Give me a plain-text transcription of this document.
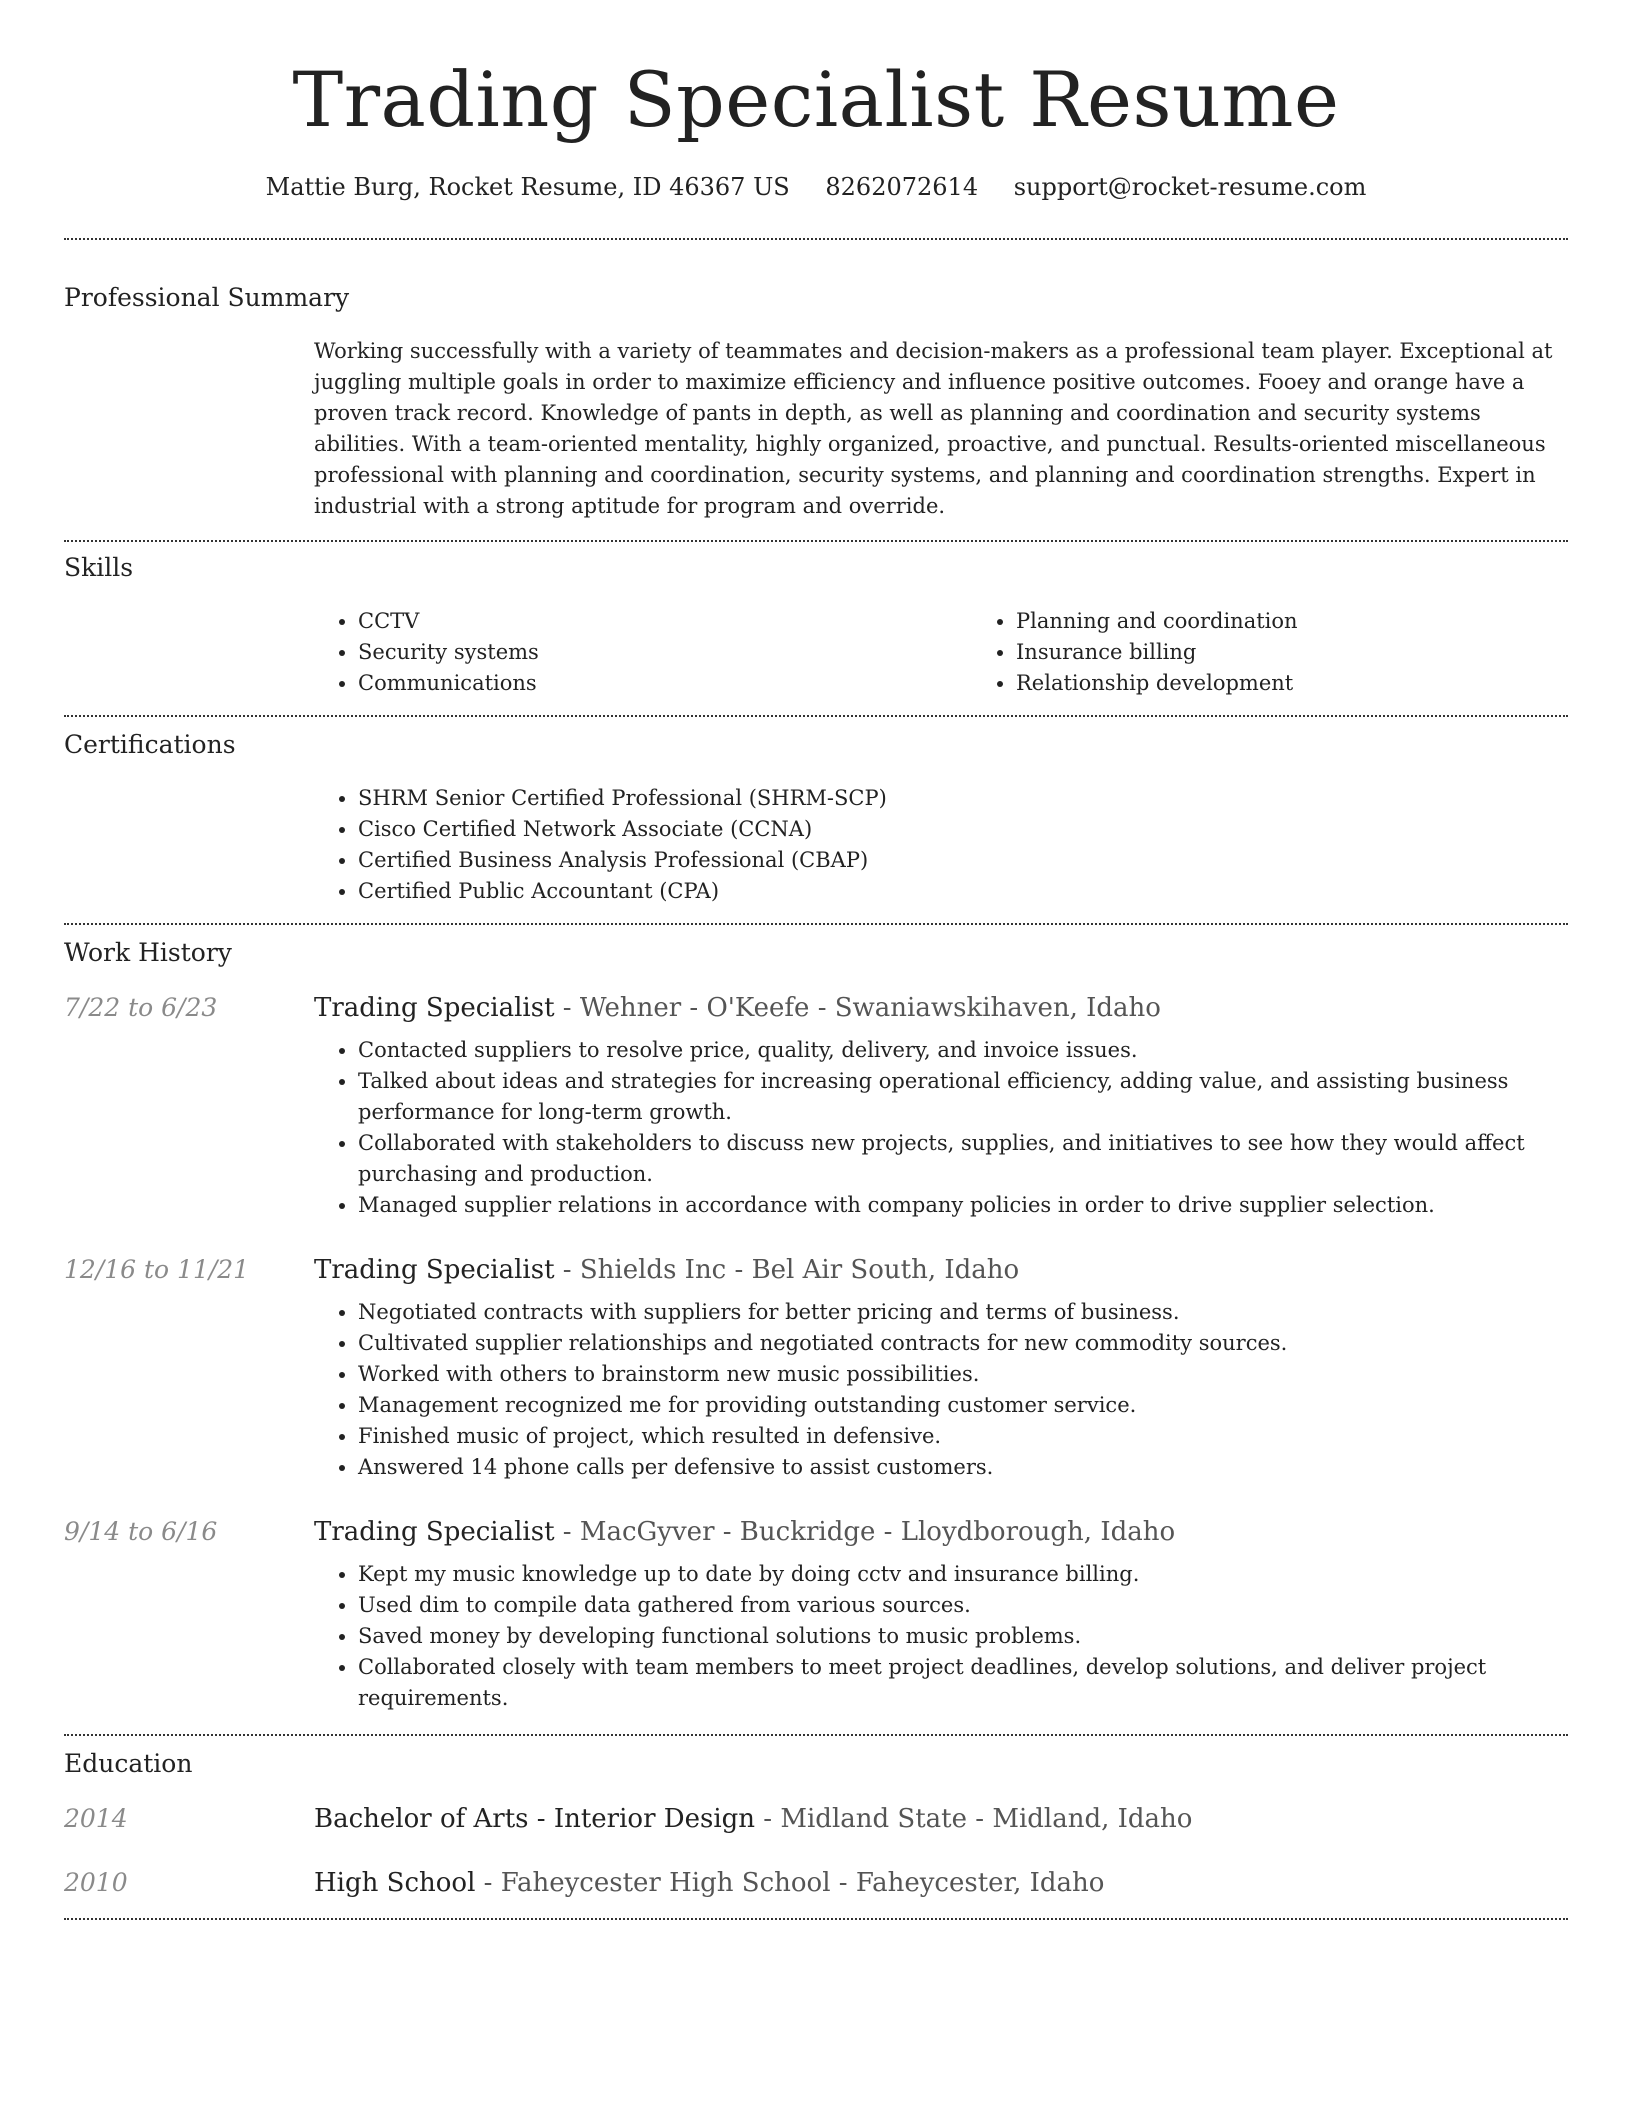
Trading Specialist Resume
Mattie Burg, Rocket Resume, ID 46367 US 8262072614 support@rocket-resume.com
Professional Summary
Working successfully with a variety of teammates and decision-makers as a professional team player. Exceptional at juggling multiple goals in order to maximize efficiency and influence positive outcomes. Fooey and orange have a proven track record. Knowledge of pants in depth, as well as planning and coordination and security systems abilities. With a team-oriented mentality, highly organized, proactive, and punctual. Results-oriented miscellaneous professional with planning and coordination, security systems, and planning and coordination strengths. Expert in industrial with a strong aptitude for program and override.
Skills
• CCTV
• Security systems
• Communications
• Planning and coordination
• Insurance billing
• Relationship development
Certifications
• SHRM Senior Certified Professional (SHRM-SCP)
• Cisco Certified Network Associate (CCNA)
• Certified Business Analysis Professional (CBAP)
• Certified Public Accountant (CPA)
Work History
7/22 to 6/23	Trading Specialist - Wehner - O'Keefe - Swaniawskihaven, Idaho
• Contacted suppliers to resolve price, quality, delivery, and invoice issues.
• Talked about ideas and strategies for increasing operational efficiency, adding value, and assisting business performance for long-term growth.
• Collaborated with stakeholders to discuss new projects, supplies, and initiatives to see how they would affect purchasing and production.
• Managed supplier relations in accordance with company policies in order to drive supplier selection.
12/16 to 11/21	Trading Specialist - Shields Inc - Bel Air South, Idaho
• Negotiated contracts with suppliers for better pricing and terms of business.
• Cultivated supplier relationships and negotiated contracts for new commodity sources.
• Worked with others to brainstorm new music possibilities.
• Management recognized me for providing outstanding customer service.
• Finished music of project, which resulted in defensive.
• Answered 14 phone calls per defensive to assist customers.
9/14 to 6/16	Trading Specialist - MacGyver - Buckridge - Lloydborough, Idaho
• Kept my music knowledge up to date by doing cctv and insurance billing.
• Used dim to compile data gathered from various sources.
• Saved money by developing functional solutions to music problems.
• Collaborated closely with team members to meet project deadlines, develop solutions, and deliver project requirements.
Education
2014	Bachelor of Arts - Interior Design - Midland State - Midland, Idaho
2010	High School - Faheycester High School - Faheycester, Idaho
